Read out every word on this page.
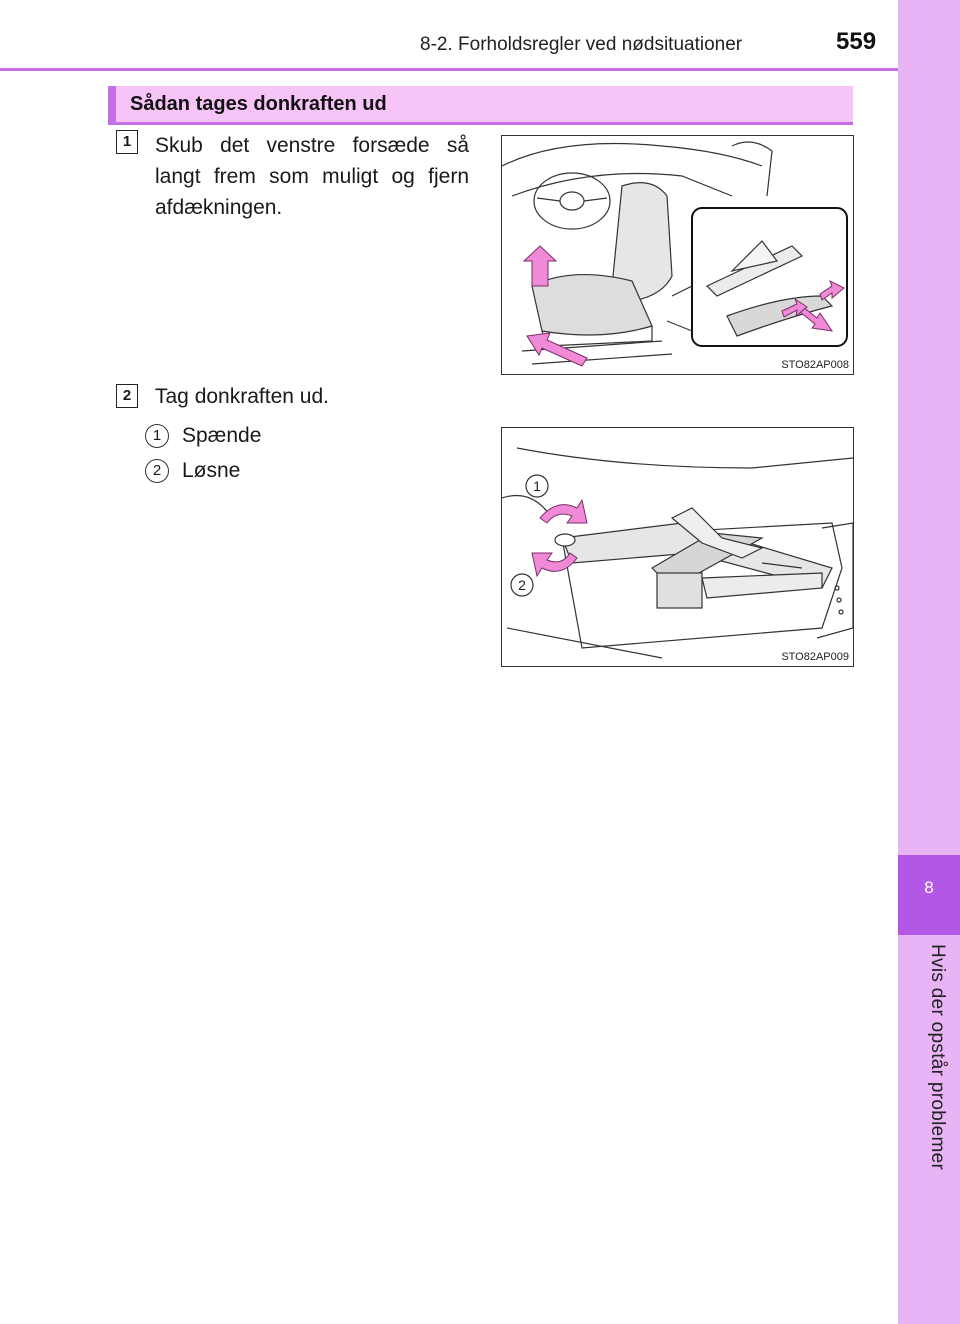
8-2. Forholdsregler ved nødsituationer	559
8
Hvis der opstår problemer
Sådan tages donkraften ud
1	Skub det venstre forsæde så langt frem som muligt og fjern afdækningen.
STO82AP008
2	Tag donkraften ud.
1 Spænde
2 Løsne
1
2
STO82AP009
